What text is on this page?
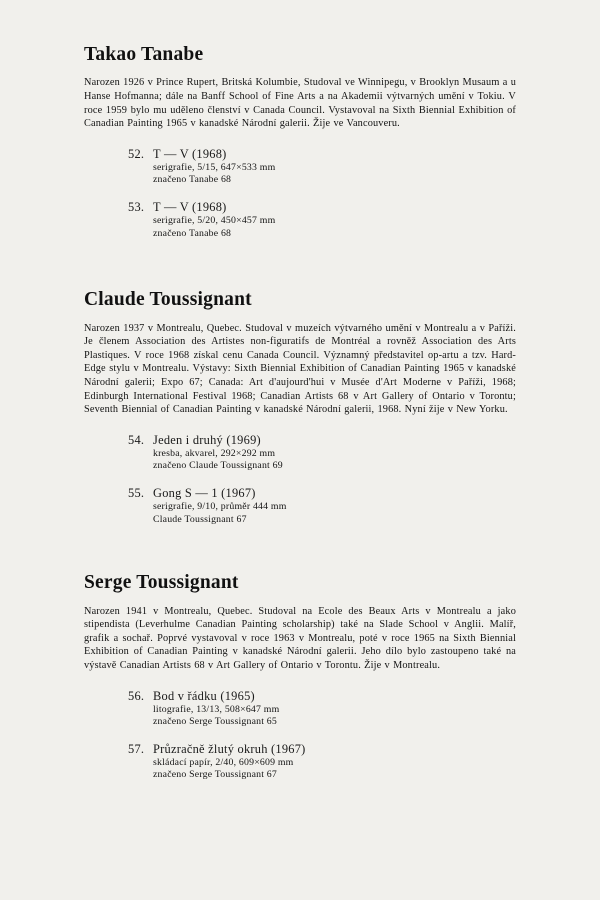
Takao Tanabe

Narozen 1926 v Prince Rupert, Britská Kolumbie, Studoval ve Winnipegu, v Brooklyn Musaum a u Hanse Hofmanna; dále na Banff School of Fine Arts a na Akademii výtvarných umění v Tokiu. V roce 1959 bylo mu uděleno členství v Canada Council. Vystavoval na Sixth Biennial Exhibition of Canadian Painting 1965 v kanadské Národní galerii. Žije ve Vancouveru.

52. T — V (1968)
serigrafie, 5/15, 647×533 mm
značeno Tanabe 68
53. T — V (1968)
serigrafie, 5/20, 450×457 mm
značeno Tanabe 68
Claude Toussignant

Narozen 1937 v Montrealu, Quebec. Studoval v muzeích výtvarného umění v Montrealu a v Paříži. Je členem Association des Artistes non-figuratifs de Montréal a rovněž Association des Arts Plastiques. V roce 1968 získal cenu Canada Council. Významný představitel op-artu a tzv. Hard-Edge stylu v Montrealu. Výstavy: Sixth Biennial Exhibition of Canadian Painting 1965 v kanadské Národní galerii; Expo 67; Canada: Art d'aujourd'hui v Musée d'Art Moderne v Paříži, 1968; Edinburgh International Festival 1968; Canadian Artists 68 v Art Gallery of Ontario v Torontu; Seventh Biennial of Canadian Painting v kanadské Národní galerii, 1968. Nyní žije v New Yorku.

54. Jeden i druhý (1969)
kresba, akvarel, 292×292 mm
značeno Claude Toussignant 69
55. Gong S — 1 (1967)
serigrafie, 9/10, průměr 444 mm
Claude Toussignant 67
Serge Toussignant

Narozen 1941 v Montrealu, Quebec. Studoval na Ecole des Beaux Arts v Montrealu a jako stipendista (Leverhulme Canadian Painting scholarship) také na Slade School v Anglii. Malíř, grafik a sochař. Poprvé vystavoval v roce 1963 v Montrealu, poté v roce 1965 na Sixth Biennial Exhibition of Canadian Painting v kanadské Národní galerii. Jeho dílo bylo zastoupeno také na výstavě Canadian Artists 68 v Art Gallery of Ontario v Torontu. Žije v Montrealu.

56. Bod v řádku (1965)
litografie, 13/13, 508×647 mm
značeno Serge Toussignant 65
57. Průzračně žlutý okruh (1967)
skládací papír, 2/40, 609×609 mm
značeno Serge Toussignant 67
